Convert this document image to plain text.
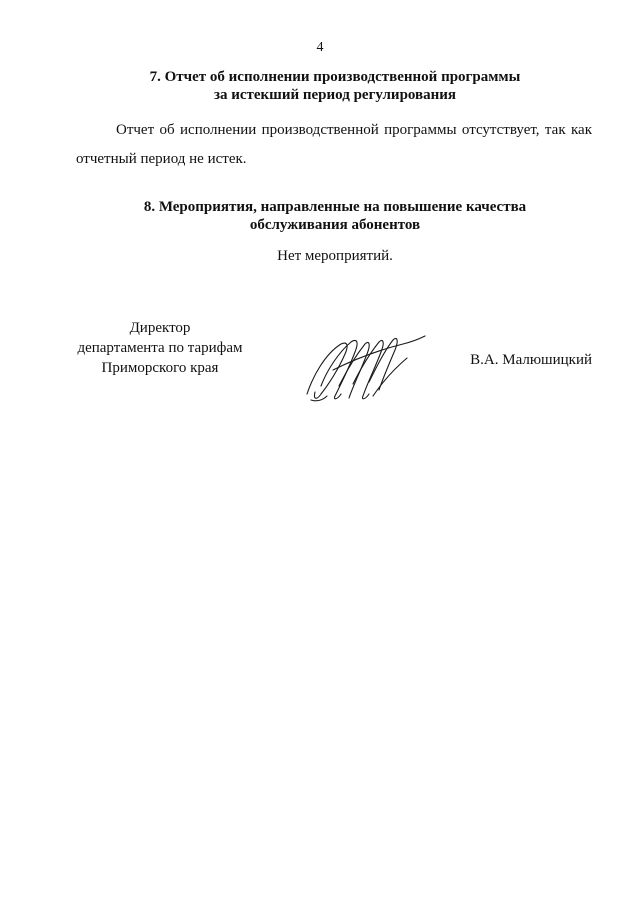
4
7. Отчет об исполнении производственной программы
за истекший период регулирования
Отчет об исполнении производственной программы отсутствует, так как
отчетный период не истек.
8. Мероприятия, направленные на повышение качества
обслуживания абонентов
Нет мероприятий.
Директор
департамента по тарифам
Приморского края	В.А. Малюшицкий
